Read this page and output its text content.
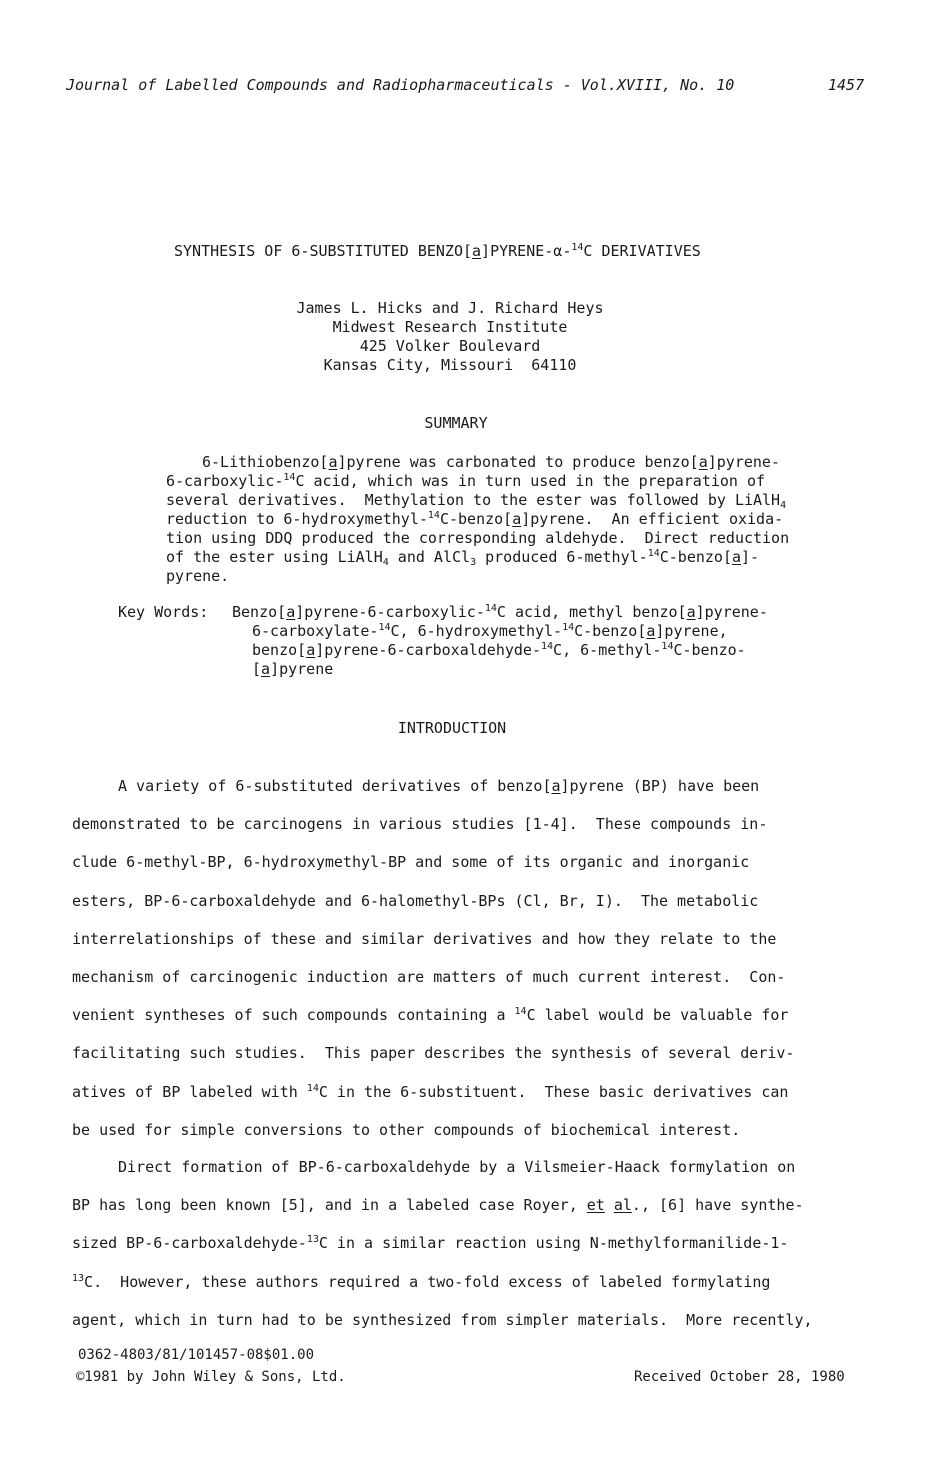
Journal of Labelled Compounds and Radiopharmaceuticals - Vol.XVIII, No. 10	1457
SYNTHESIS OF 6-SUBSTITUTED BENZO[a]PYRENE-α-$^{14}$C DERIVATIVES
James L. Hicks and J. Richard Heys
Midwest Research Institute
425 Volker Boulevard
Kansas City, Missouri  64110
SUMMARY
6-Lithiobenzo[a]pyrene was carbonated to produce benzo[a]pyrene-
6-carboxylic-$^{14}$C acid, which was in turn used in the preparation of
several derivatives.  Methylation to the ester was followed by LiAlH$_4$
reduction to 6-hydroxymethyl-$^{14}$C-benzo[a]pyrene.  An efficient oxida-
tion using DDQ produced the corresponding aldehyde.  Direct reduction
of the ester using LiAlH$_4$ and AlCl$_3$ produced 6-methyl-$^{14}$C-benzo[a]-
pyrene.
Key Words: Benzo[a]pyrene-6-carboxylic-$^{14}$C acid, methyl benzo[a]pyrene-
6-carboxylate-$^{14}$C, 6-hydroxymethyl-$^{14}$C-benzo[a]pyrene,
benzo[a]pyrene-6-carboxaldehyde-$^{14}$C, 6-methyl-$^{14}$C-benzo-
[a]pyrene
INTRODUCTION
A variety of 6-substituted derivatives of benzo[a]pyrene (BP) have been
demonstrated to be carcinogens in various studies [1-4].  These compounds in-
clude 6-methyl-BP, 6-hydroxymethyl-BP and some of its organic and inorganic
esters, BP-6-carboxaldehyde and 6-halomethyl-BPs (Cl, Br, I).  The metabolic
interrelationships of these and similar derivatives and how they relate to the
mechanism of carcinogenic induction are matters of much current interest.  Con-
venient syntheses of such compounds containing a $^{14}$C label would be valuable for
facilitating such studies.  This paper describes the synthesis of several deriv-
atives of BP labeled with $^{14}$C in the 6-substituent.  These basic derivatives can
be used for simple conversions to other compounds of biochemical interest.
Direct formation of BP-6-carboxaldehyde by a Vilsmeier-Haack formylation on
BP has long been known [5], and in a labeled case Royer, et al., [6] have synthe-
sized BP-6-carboxaldehyde-$^{13}$C in a similar reaction using N-methylformanilide-1-
$^{13}$C.  However, these authors required a two-fold excess of labeled formylating
agent, which in turn had to be synthesized from simpler materials.  More recently,
0362-4803/81/101457-08$01.00
©1981 by John Wiley & Sons, Ltd.	Received October 28, 1980
